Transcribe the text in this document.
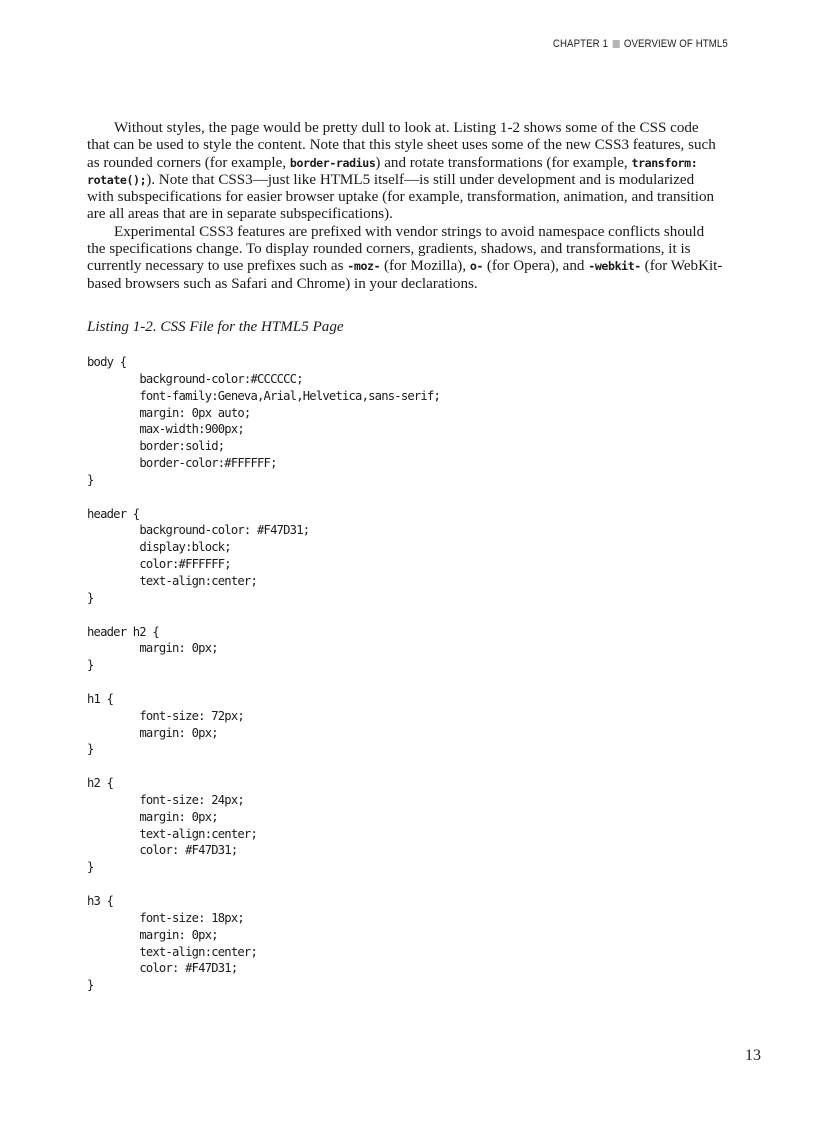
CHAPTER 1 OVERVIEW OF HTML5

Without styles, the page would be pretty dull to look at. Listing 1-2 shows some of the CSS code that can be used to style the content. Note that this style sheet uses some of the new CSS3 features, such as rounded corners (for example, border-radius) and rotate transformations (for example, transform: rotate();). Note that CSS3—just like HTML5 itself—is still under development and is modularized with subspecifications for easier browser uptake (for example, transformation, animation, and transition are all areas that are in separate subspecifications).

Experimental CSS3 features are prefixed with vendor strings to avoid namespace conflicts should the specifications change. To display rounded corners, gradients, shadows, and transformations, it is currently necessary to use prefixes such as -moz- (for Mozilla), o- (for Opera), and -webkit- (for WebKit-based browsers such as Safari and Chrome) in your declarations.

Listing 1-2. CSS File for the HTML5 Page

body {
	background-color:#CCCCCC;
	font-family:Geneva,Arial,Helvetica,sans-serif;
	margin: 0px auto;
	max-width:900px;
	border:solid;
	border-color:#FFFFFF;
}

header {
	background-color: #F47D31;
	display:block;
	color:#FFFFFF;
	text-align:center;
}

header h2 {
	margin: 0px;
}

h1 {
	font-size: 72px;
	margin: 0px;
}

h2 {
	font-size: 24px;
	margin: 0px;
	text-align:center;
	color: #F47D31;
}

h3 {
	font-size: 18px;
	margin: 0px;
	text-align:center;
	color: #F47D31;
}
13
